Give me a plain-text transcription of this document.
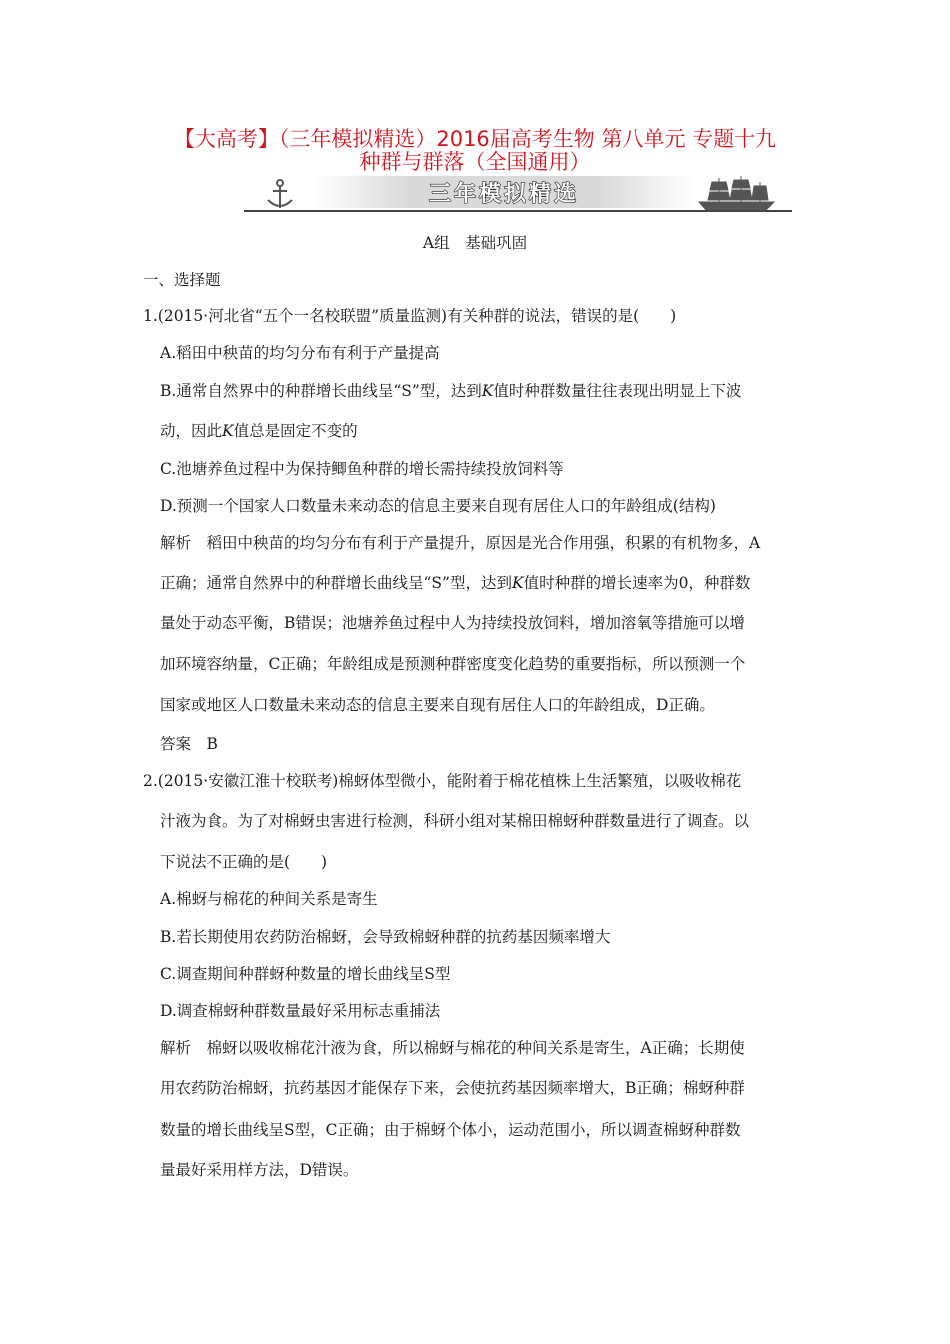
【大高考】（三年模拟精选）2016届高考生物 第八单元 专题十九
种群与群落（全国通用）
三年模拟精选
A组　基础巩固
一、选择题
1.(2015·河北省“五个一名校联盟”质量监测)有关种群的说法，错误的是(　　)
A.稻田中秧苗的均匀分布有利于产量提高
B.通常自然界中的种群增长曲线呈“S”型，达到K值时种群数量往往表现出明显上下波
动，因此K值总是固定不变的
C.池塘养鱼过程中为保持鲫鱼种群的增长需持续投放饲料等
D.预测一个国家人口数量未来动态的信息主要来自现有居住人口的年龄组成(结构)
解析　稻田中秧苗的均匀分布有利于产量提升，原因是光合作用强，积累的有机物多，A
正确；通常自然界中的种群增长曲线呈“S”型，达到K值时种群的增长速率为0，种群数
量处于动态平衡，B错误；池塘养鱼过程中人为持续投放饲料，增加溶氧等措施可以增
加环境容纳量，C正确；年龄组成是预测种群密度变化趋势的重要指标，所以预测一个
国家或地区人口数量未来动态的信息主要来自现有居住人口的年龄组成，D正确。
答案　B
2.(2015·安徽江淮十校联考)棉蚜体型微小，能附着于棉花植株上生活繁殖，以吸收棉花
汁液为食。为了对棉蚜虫害进行检测，科研小组对某棉田棉蚜种群数量进行了调查。以
下说法不正确的是(　　)
A.棉蚜与棉花的种间关系是寄生
B.若长期使用农药防治棉蚜，会导致棉蚜种群的抗药基因频率增大
C.调查期间种群蚜种数量的增长曲线呈S型
D.调查棉蚜种群数量最好采用标志重捕法
解析　棉蚜以吸收棉花汁液为食，所以棉蚜与棉花的种间关系是寄生，A正确；长期使
用农药防治棉蚜，抗药基因才能保存下来，会使抗药基因频率增大，B正确；棉蚜种群
数量的增长曲线呈S型，C正确；由于棉蚜个体小，运动范围小，所以调查棉蚜种群数
量最好采用样方法，D错误。
